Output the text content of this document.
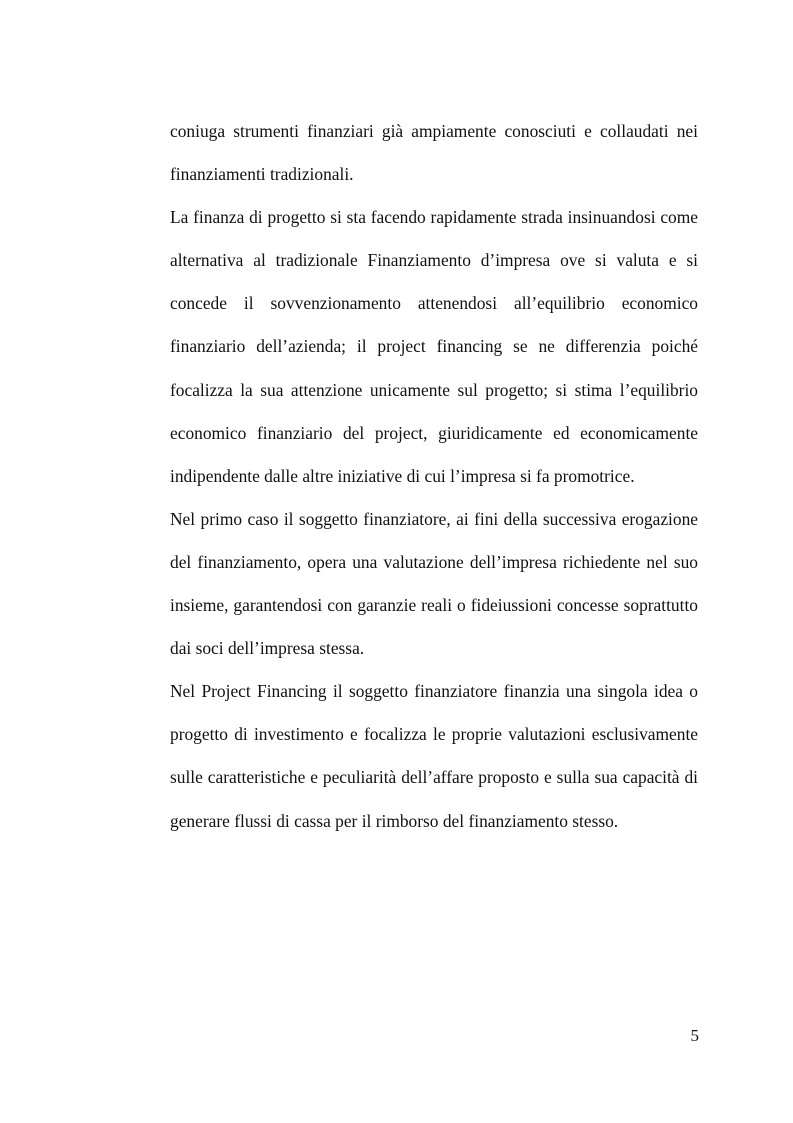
coniuga strumenti finanziari già ampiamente conosciuti e collaudati nei finanziamenti tradizionali.

La finanza di progetto si sta facendo rapidamente strada insinuandosi come alternativa al tradizionale Finanziamento d’impresa ove si valuta e si concede il sovvenzionamento attenendosi all’equilibrio economico finanziario dell’azienda; il project financing se ne differenzia poiché focalizza la sua attenzione unicamente sul progetto; si stima l’equilibrio economico finanziario del project, giuridicamente ed economicamente indipendente dalle altre iniziative di cui l’impresa si fa promotrice.

Nel primo caso il soggetto finanziatore, ai fini della successiva erogazione del finanziamento, opera una valutazione dell’impresa richiedente nel suo insieme, garantendosi con garanzie reali o fideiussioni concesse soprattutto dai soci dell’impresa stessa.

Nel Project Financing il soggetto finanziatore finanzia una singola idea o progetto di investimento e focalizza le proprie valutazioni esclusivamente sulle caratteristiche e peculiarità dell’affare proposto e sulla sua capacità di generare flussi di cassa per il rimborso del finanziamento stesso.

5
